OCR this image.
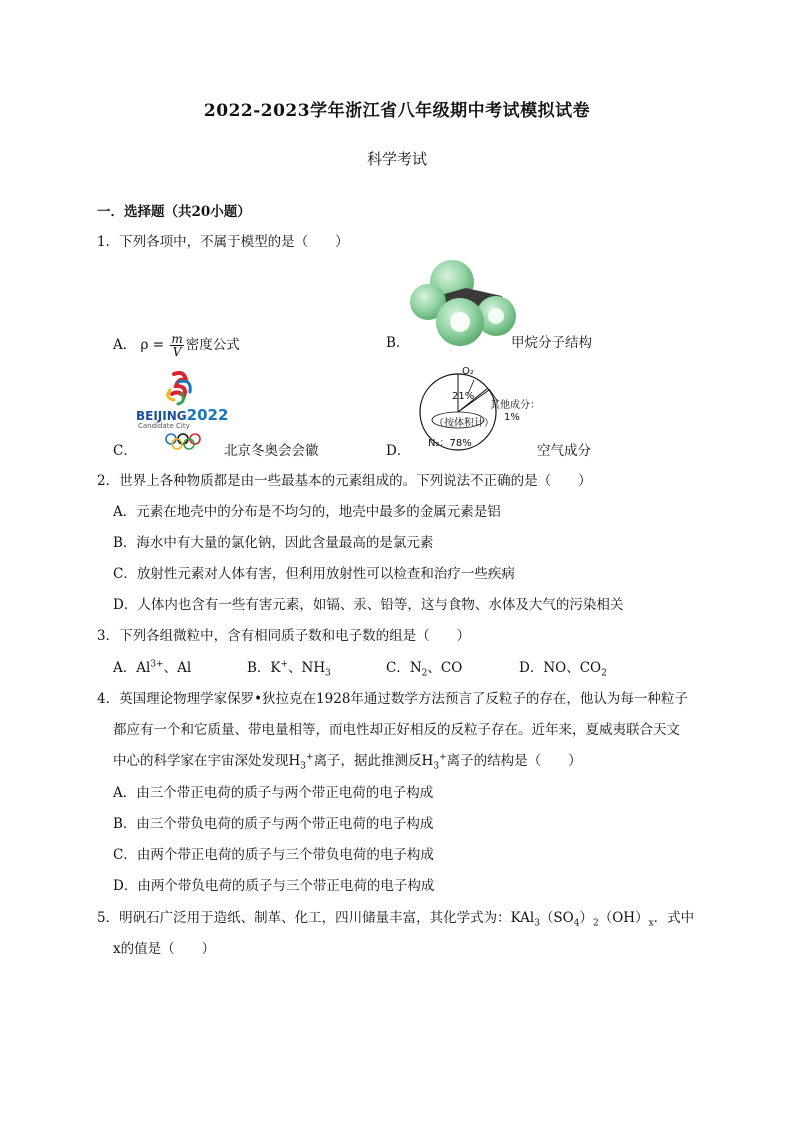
2022-2023学年浙江省八年级期中考试模拟试卷
科学考试
一．选择题（共20小题）
1．下列各项中，不属于模型的是（　　）
A． $\rho = \frac{m}{V}$ 密度公式	B．	甲烷分子结构
C．
BEIJING2022
Candidate City
北京冬奥会会徽	D．
O₂
21%
其他成分：
1%
（按体积计）
N₂：78%	空气成分
2．世界上各种物质都是由一些最基本的元素组成的。下列说法不正确的是（　　）
A．元素在地壳中的分布是不均匀的，地壳中最多的金属元素是铝
B．海水中有大量的氯化钠，因此含量最高的是氯元素
C．放射性元素对人体有害，但利用放射性可以检查和治疗一些疾病
D．人体内也含有一些有害元素，如镉、汞、铅等，这与食物、水体及大气的污染相关
3．下列各组微粒中，含有相同质子数和电子数的组是（　　）
A．$Al^{3+}$、Al	B．K+、$NH_3$	C．$N_2$、CO	D．NO、$CO_2$
4．英国理论物理学家保罗•狄拉克在1928年通过数学方法预言了反粒子的存在，他认为每一种粒子
都应有一个和它质量、带电量相等，而电性却正好相反的反粒子存在。近年来，夏威夷联合天文
中心的科学家在宇宙深处发现$H_3^+$离子，据此推测反$H_3^+$离子的结构是（　　）
A．由三个带正电荷的质子与两个带正电荷的电子构成
B．由三个带负电荷的质子与两个带正电荷的电子构成
C．由两个带正电荷的质子与三个带负电荷的电子构成
D．由两个带负电荷的质子与三个带正电荷的电子构成
5．明矾石广泛用于造纸、制革、化工，四川储量丰富，其化学式为：$KAl_3(SO_4)_2(OH)_x$．式中
x的值是（　　）
